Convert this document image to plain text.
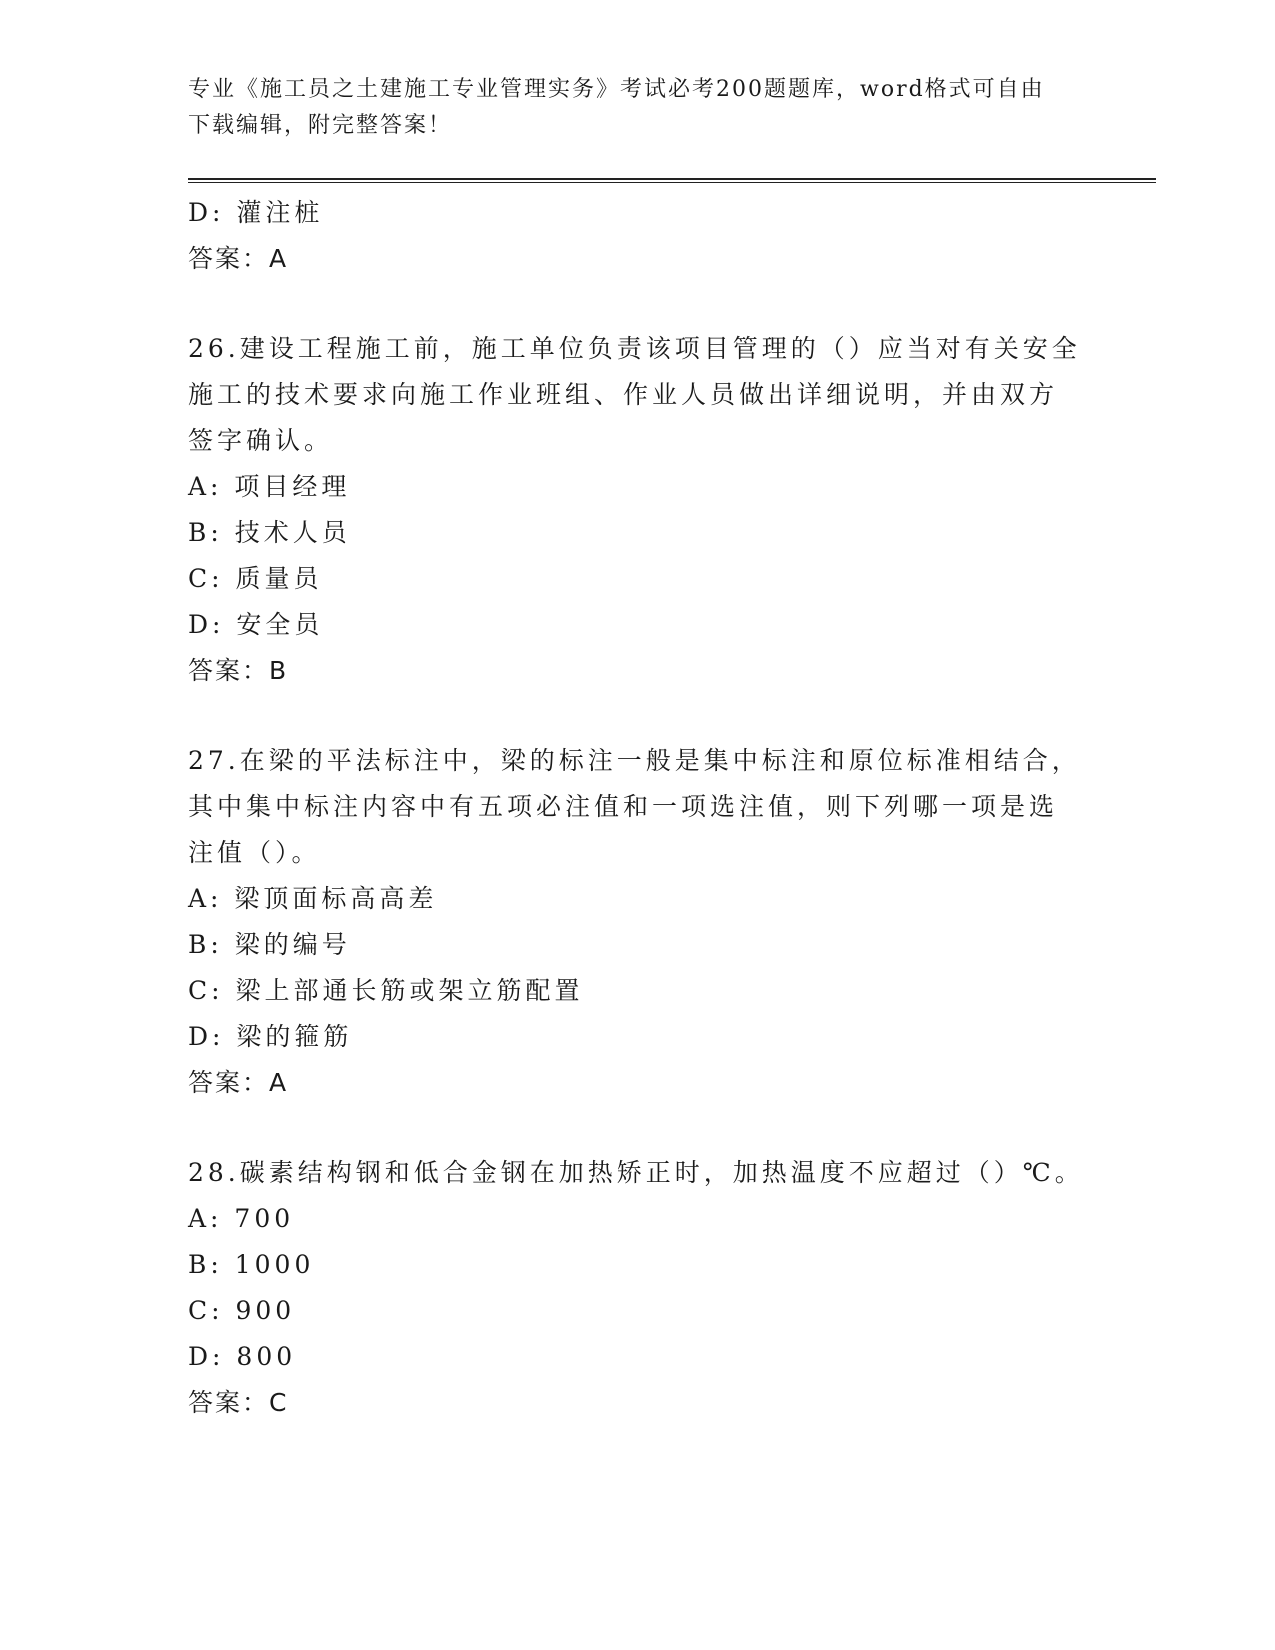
专业《施工员之土建施工专业管理实务》考试必考200题题库，word格式可自由
下载编辑，附完整答案！
D: 灌注桩
答案：A
26.建设工程施工前，施工单位负责该项目管理的（）应当对有关安全
施工的技术要求向施工作业班组、作业人员做出详细说明，并由双方
签字确认。
A: 项目经理
B: 技术人员
C: 质量员
D: 安全员
答案：B
27.在梁的平法标注中，梁的标注一般是集中标注和原位标准相结合，
其中集中标注内容中有五项必注值和一项选注值，则下列哪一项是选
注值（）。
A: 梁顶面标高高差
B: 梁的编号
C: 梁上部通长筋或架立筋配置
D: 梁的箍筋
答案：A
28.碳素结构钢和低合金钢在加热矫正时，加热温度不应超过（）℃。
A: 700
B: 1000
C: 900
D: 800
答案：C
